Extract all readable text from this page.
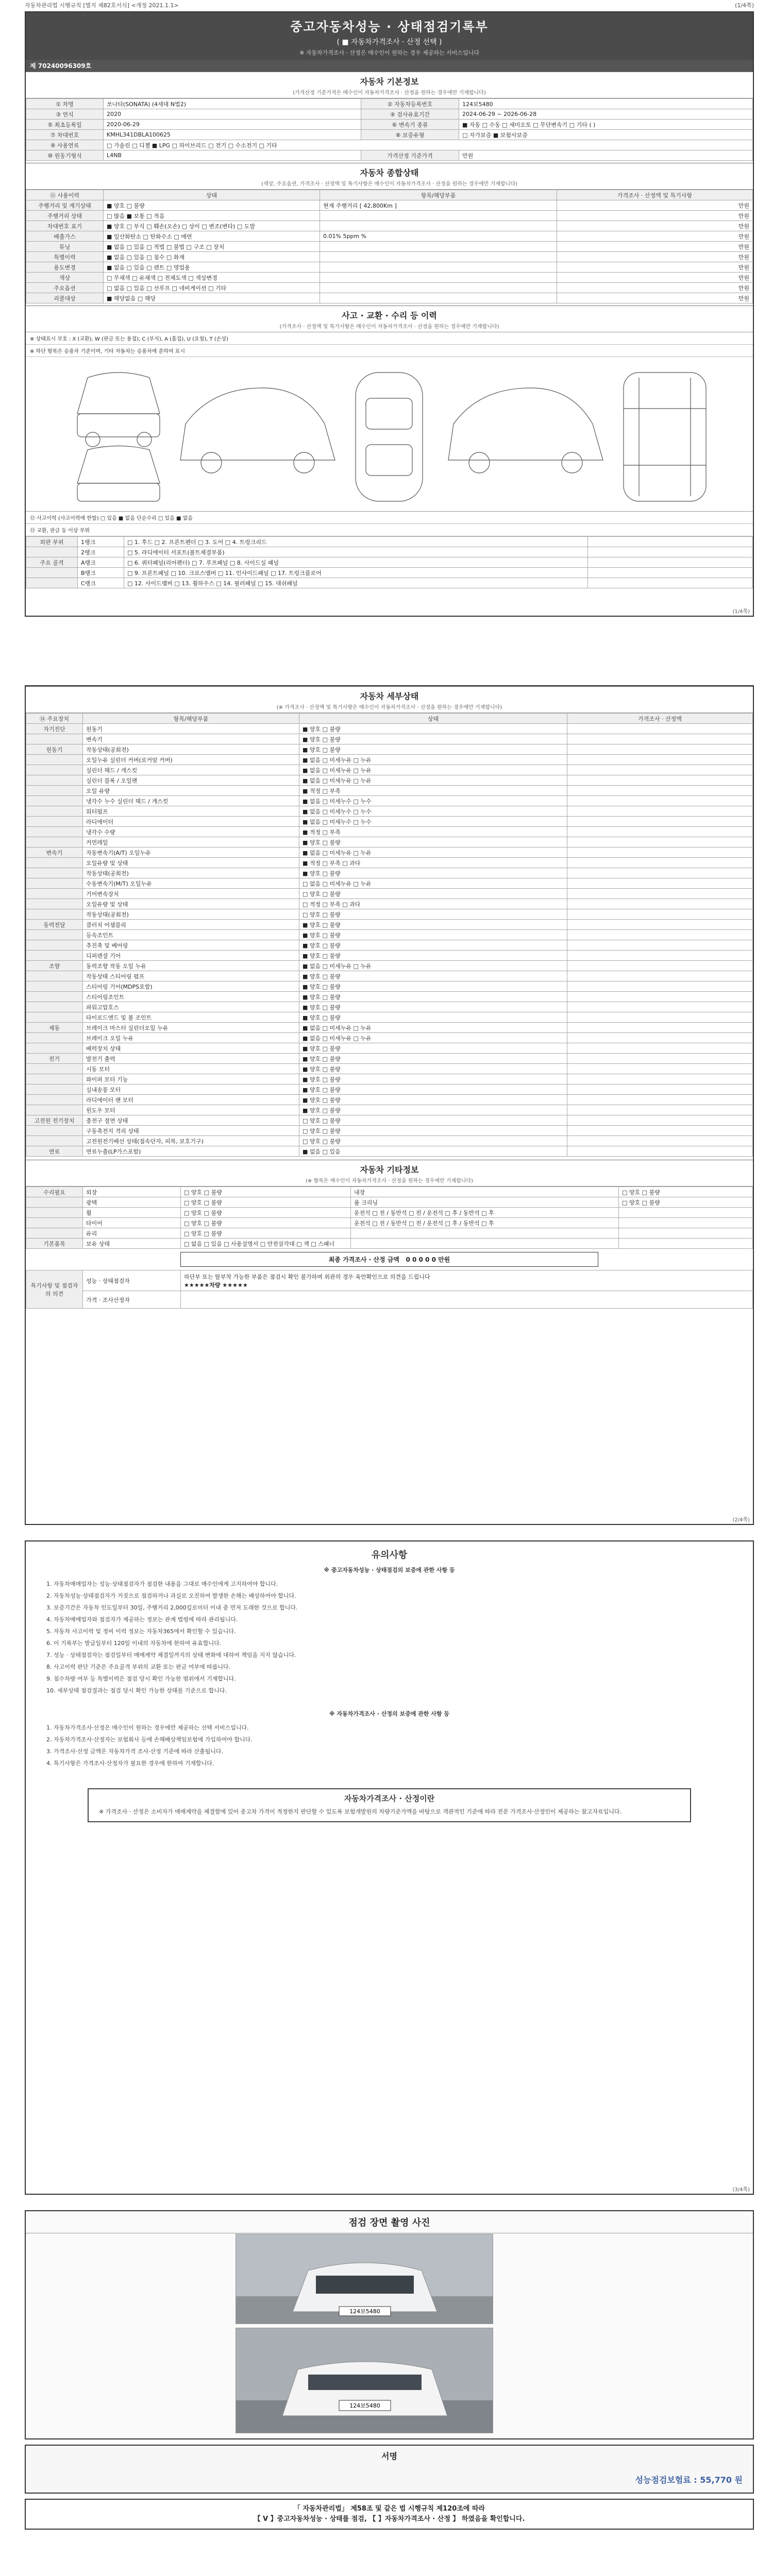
자동차관리법 시행규칙 [별지 제82호서식] <개정 2021.1.1>	(1/4쪽)
중고자동차성능 · 상태점검기록부
( ■ 자동차가격조사 · 산정 선택 )
※ 자동차가격조사 · 산정은 매수인이 원하는 경우 제공하는 서비스입니다
제 70240096309호
자동차 기본정보
(가격산정 기준가격은 매수인이 자동차가격조사 · 산정을 원하는 경우에만 기재합니다)
① 차명	쏘나타(SONATA) (4세대 N법2)	② 자동차등록번호	124보5480
③ 연식	2020	④ 검사유효기간	2024-06-29 ~ 2026-06-28
⑤ 최초등록일	2020-06-29	⑥ 변속기 종류	■ 자동 □ 수동 □ 세미오토 □ 무단변속기 □ 기타 ( )
⑦ 차대번호	KMHL341DBLA100625	⑧ 보증유형	□ 자가보증 ■ 보험사보증
⑨ 사용연료	□ 가솔린 □ 디젤 ■ LPG □ 하이브리드 □ 전기 □ 수소전기 □ 기타		
⑩ 원동기형식	L4NB	가격산정 기준가격	만원
자동차 종합상태
(색상, 주요옵션, 가격조사 · 산정액 및 특기사항은 매수인이 자동차가격조사 · 산정을 원하는 경우에만 기재합니다)
⑪ 사용이력	상태	항목/해당부품	가격조사 · 산정액 및 특기사항
주행거리 및 계기상태	■ 양호 □ 불량	현재 주행거리 [ 42,800Km ]	만원
주행거리 상태	□ 많음 ■ 보통 □ 적음		만원
차대번호 표기	■ 양호 □ 부식 □ 훼손(오손) □ 상이 □ 변조(변타) □ 도말		만원
배출가스	■ 일산화탄소 □ 탄화수소 □ 매연	0.01% 5ppm %	만원
튜닝	■ 없음 □ 있음 □ 적법 □ 불법 □ 구조 □ 장치		만원
특별이력	■ 없음 □ 있음 □ 침수 □ 화재		만원
용도변경	■ 없음 □ 있음 □ 렌트 □ 영업용		만원
색상	□ 무채색 □ 유채색 □ 전체도색 □ 색상변경		만원
주요옵션	□ 없음 □ 있음 □ 선루프 □ 네비게이션 □ 기타		만원
리콜대상	■ 해당없음 □ 해당		만원
사고 · 교환 · 수리 등 이력
(가격조사 · 산정액 및 특기사항은 매수인이 자동차가격조사 · 산정을 원하는 경우에만 기재합니다)
※ 상태표시 부호 : X (교환), W (판금 또는 용접), C (부식), A (흠집), U (요철), T (손상)
※ 하단 항목은 승용차 기준이며, 기타 자동차는 승용차에 준하여 표시
⑫ 사고이력 (사고이력에 한함) □ 있음 ■ 없음 단순수리 □ 있음 ■ 없음
⑬ 교환, 판금 등 이상 부위
외판 부위	1랭크	□ 1. 후드 □ 2. 프론트펜더 □ 3. 도어 □ 4. 트렁크리드	
	2랭크	□ 5. 라디에이터 서포트(볼트체결부품)	
주요 골격	A랭크	□ 6. 쿼터패널(리어펜더) □ 7. 루프패널 □ 8. 사이드실 패널	
	B랭크	□ 9. 프론트패널 □ 10. 크로스멤버 □ 11. 인사이드패널 □ 17. 트렁크플로어	
	C랭크	□ 12. 사이드멤버 □ 13. 휠하우스 □ 14. 필러패널 □ 15. 대쉬패널	
(1/4쪽)
자동차 세부상태
(※ 가격조사 · 산정액 및 특기사항은 매수인이 자동차가격조사 · 산정을 원하는 경우에만 기재합니다)
⑭ 주요장치	항목/해당부품	상태	가격조사 · 산정액
자기진단	원동기	■ 양호 □ 불량	
	변속기	■ 양호 □ 불량	
원동기	작동상태(공회전)	■ 양호 □ 불량	
	오일누유 실린더 커버(로커암 커버)	■ 없음 □ 미세누유 □ 누유	
	실린더 헤드 / 개스킷	■ 없음 □ 미세누유 □ 누유	
	실린더 블록 / 오일팬	■ 없음 □ 미세누유 □ 누유	
	오일 유량	■ 적정 □ 부족	
	냉각수 누수 실린더 헤드 / 개스킷	■ 없음 □ 미세누수 □ 누수	
	워터펌프	■ 없음 □ 미세누수 □ 누수	
	라디에이터	■ 없음 □ 미세누수 □ 누수	
	냉각수 수량	■ 적정 □ 부족	
	커먼레일	■ 양호 □ 불량	
변속기	자동변속기(A/T) 오일누유	■ 없음 □ 미세누유 □ 누유	
	오일유량 및 상태	■ 적정 □ 부족 □ 과다	
	작동상태(공회전)	■ 양호 □ 불량	
	수동변속기(M/T) 오일누유	□ 없음 □ 미세누유 □ 누유	
	기어변속장치	□ 양호 □ 불량	
	오일유량 및 상태	□ 적정 □ 부족 □ 과다	
	작동상태(공회전)	□ 양호 □ 불량	
동력전달	클러치 어셈블리	■ 양호 □ 불량	
	등속조인트	■ 양호 □ 불량	
	추진축 및 베어링	■ 양호 □ 불량	
	디퍼렌셜 기어	■ 양호 □ 불량	
조향	동력조향 작동 오일 누유	■ 없음 □ 미세누유 □ 누유	
	작동상태 스티어링 펌프	■ 양호 □ 불량	
	스티어링 기어(MDPS포함)	■ 양호 □ 불량	
	스티어링조인트	■ 양호 □ 불량	
	파워고압호스	■ 양호 □ 불량	
	타이로드엔드 및 볼 조인트	■ 양호 □ 불량	
제동	브레이크 마스터 실린더오일 누유	■ 없음 □ 미세누유 □ 누유	
	브레이크 오일 누유	■ 없음 □ 미세누유 □ 누유	
	배력장치 상태	■ 양호 □ 불량	
전기	발전기 출력	■ 양호 □ 불량	
	시동 모터	■ 양호 □ 불량	
	와이퍼 모터 기능	■ 양호 □ 불량	
	실내송풍 모터	■ 양호 □ 불량	
	라디에이터 팬 모터	■ 양호 □ 불량	
	윈도우 모터	■ 양호 □ 불량	
고전원 전기장치	충전구 절연 상태	□ 양호 □ 불량	
	구동축전지 격리 상태	□ 양호 □ 불량	
	고전원전기배선 상태(접속단자, 피복, 보호기구)	□ 양호 □ 불량	
연료	연료누출(LP가스포함)	■ 없음 □ 있음	
자동차 기타정보
(※ 항목은 매수인이 자동차가격조사 · 산정을 원하는 경우에만 기재합니다)
수리필요	외장	□ 양호 □ 불량	내장	□ 양호 □ 불량
	광택	□ 양호 □ 불량	룸 크리닝	□ 양호 □ 불량
	휠	□ 양호 □ 불량	운전석 □ 전 / 동반석 □ 전 / 운전석 □ 후 / 동반석 □ 후	
	타이어	□ 양호 □ 불량	운전석 □ 전 / 동반석 □ 전 / 운전석 □ 후 / 동반석 □ 후	
	유리	□ 양호 □ 불량		
기본품목	보유 상태	□ 없음 □ 있음 □ 사용설명서 □ 안전삼각대 □ 잭 □ 스패너		
최종 가격조사 · 산정 금액 0 0 0 0 0 만원
특기사항 및 점검자의 의견	성능 · 상태점검자	하단부 또는 탈부착 가능한 부품은 점검시 확인 불가하며 외관의 경우 육안확인으로 의견을 드립니다
★★★★★차량 ★★★★★

	가격 · 조사산정자	
(2/4쪽)
유의사항
※ 중고자동차성능 · 상태점검의 보증에 관한 사항 등

1. 자동차매매업자는 성능·상태점검자가 점검한 내용을 그대로 매수인에게 고지하여야 합니다.

2. 자동차성능·상태점검자가 거짓으로 점검하거나 과실로 오진하여 발생한 손해는 배상하여야 합니다.

3. 보증기간은 자동차 인도일부터 30일, 주행거리 2,000킬로미터 이내 중 먼저 도래한 것으로 합니다.

4. 자동차매매업자와 점검자가 제공하는 정보는 관계 법령에 따라 관리됩니다.

5. 자동차 사고이력 및 정비 이력 정보는 자동차365에서 확인할 수 있습니다.

6. 이 기록부는 발급일부터 120일 이내의 자동차에 한하여 유효합니다.

7. 성능 · 상태점검자는 점검일부터 매매계약 체결일까지의 상태 변화에 대하여 책임을 지지 않습니다.

8. 사고이력 판단 기준은 주요골격 부위의 교환 또는 판금 여부에 따릅니다.

9. 침수차량 여부 등 특별이력은 점검 당시 확인 가능한 범위에서 기재합니다.

10. 세부상태 점검결과는 점검 당시 확인 가능한 상태를 기준으로 합니다.

※ 자동차가격조사 · 산정의 보증에 관한 사항 등

1. 자동차가격조사·산정은 매수인이 원하는 경우에만 제공하는 선택 서비스입니다.

2. 자동차가격조사·산정자는 보험회사 등에 손해배상책임보험에 가입하여야 합니다.

3. 가격조사·산정 금액은 자동차가격 조사·산정 기준에 따라 산출됩니다.

4. 특기사항은 가격조사·산정자가 필요한 경우에 한하여 기재합니다.

자동차가격조사 · 산정이란
※ 가격조사 · 산정은 소비자가 매매계약을 체결함에 있어 중고차 가격이 적정한지 판단할 수 있도록 보험개발원의 차량기준가액을 바탕으로 객관적인 기준에 따라 전문 가격조사·산정인이 제공하는 참고자료입니다.
(3/4쪽)
점검 장면 촬영 사진
124보5480
124보5480
서명
성능점검보험료 : 55,770 원
「 자동차관리법」 제58조 및 같은 법 시행규칙 제120조에 따라
【 V 】중고자동차성능 · 상태를 점검, 【 】자동차가격조사 · 산정 】 하였음을 확인합니다.
